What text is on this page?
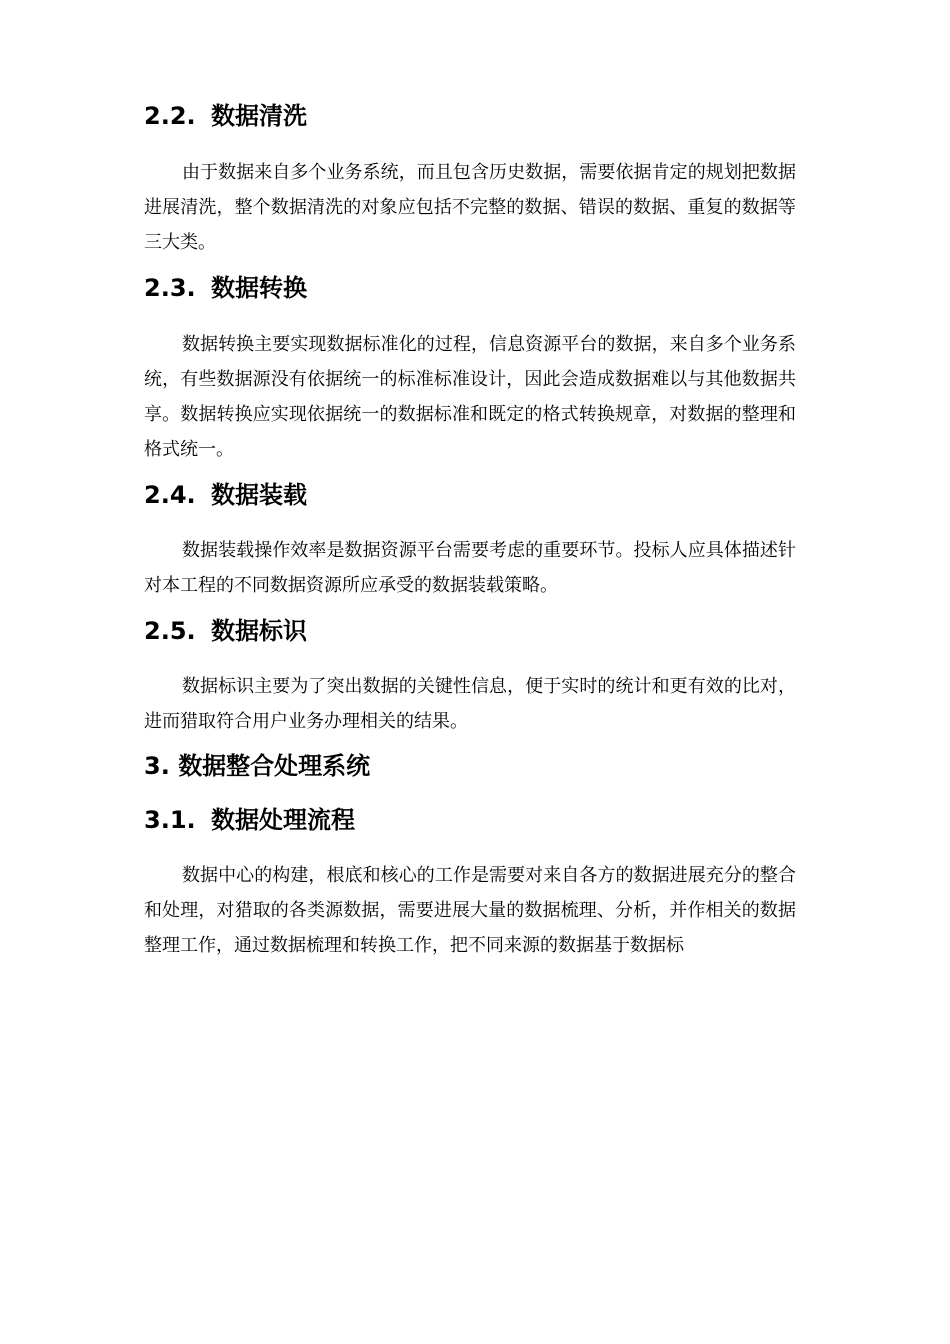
2.2. 数据清洗

由于数据来自多个业务系统，而且包含历史数据，需要依据肯定的规划把数据进展清洗，整个数据清洗的对象应包括不完整的数据、错误的数据、重复的数据等三大类。

2.3. 数据转换

数据转换主要实现数据标准化的过程，信息资源平台的数据，来自多个业务系统，有些数据源没有依据统一的标准标准设计，因此会造成数据难以与其他数据共享。数据转换应实现依据统一的数据标准和既定的格式转换规章，对数据的整理和格式统一。

2.4. 数据装载

数据装载操作效率是数据资源平台需要考虑的重要环节。投标人应具体描述针对本工程的不同数据资源所应承受的数据装载策略。

2.5. 数据标识

数据标识主要为了突出数据的关键性信息，便于实时的统计和更有效的比对，进而猎取符合用户业务办理相关的结果。

3. 数据整合处理系统
3.1. 数据处理流程

数据中心的构建，根底和核心的工作是需要对来自各方的数据进展充分的整合和处理，对猎取的各类源数据，需要进展大量的数据梳理、分析，并作相关的数据整理工作，通过数据梳理和转换工作，把不同来源的数据基于数据标
